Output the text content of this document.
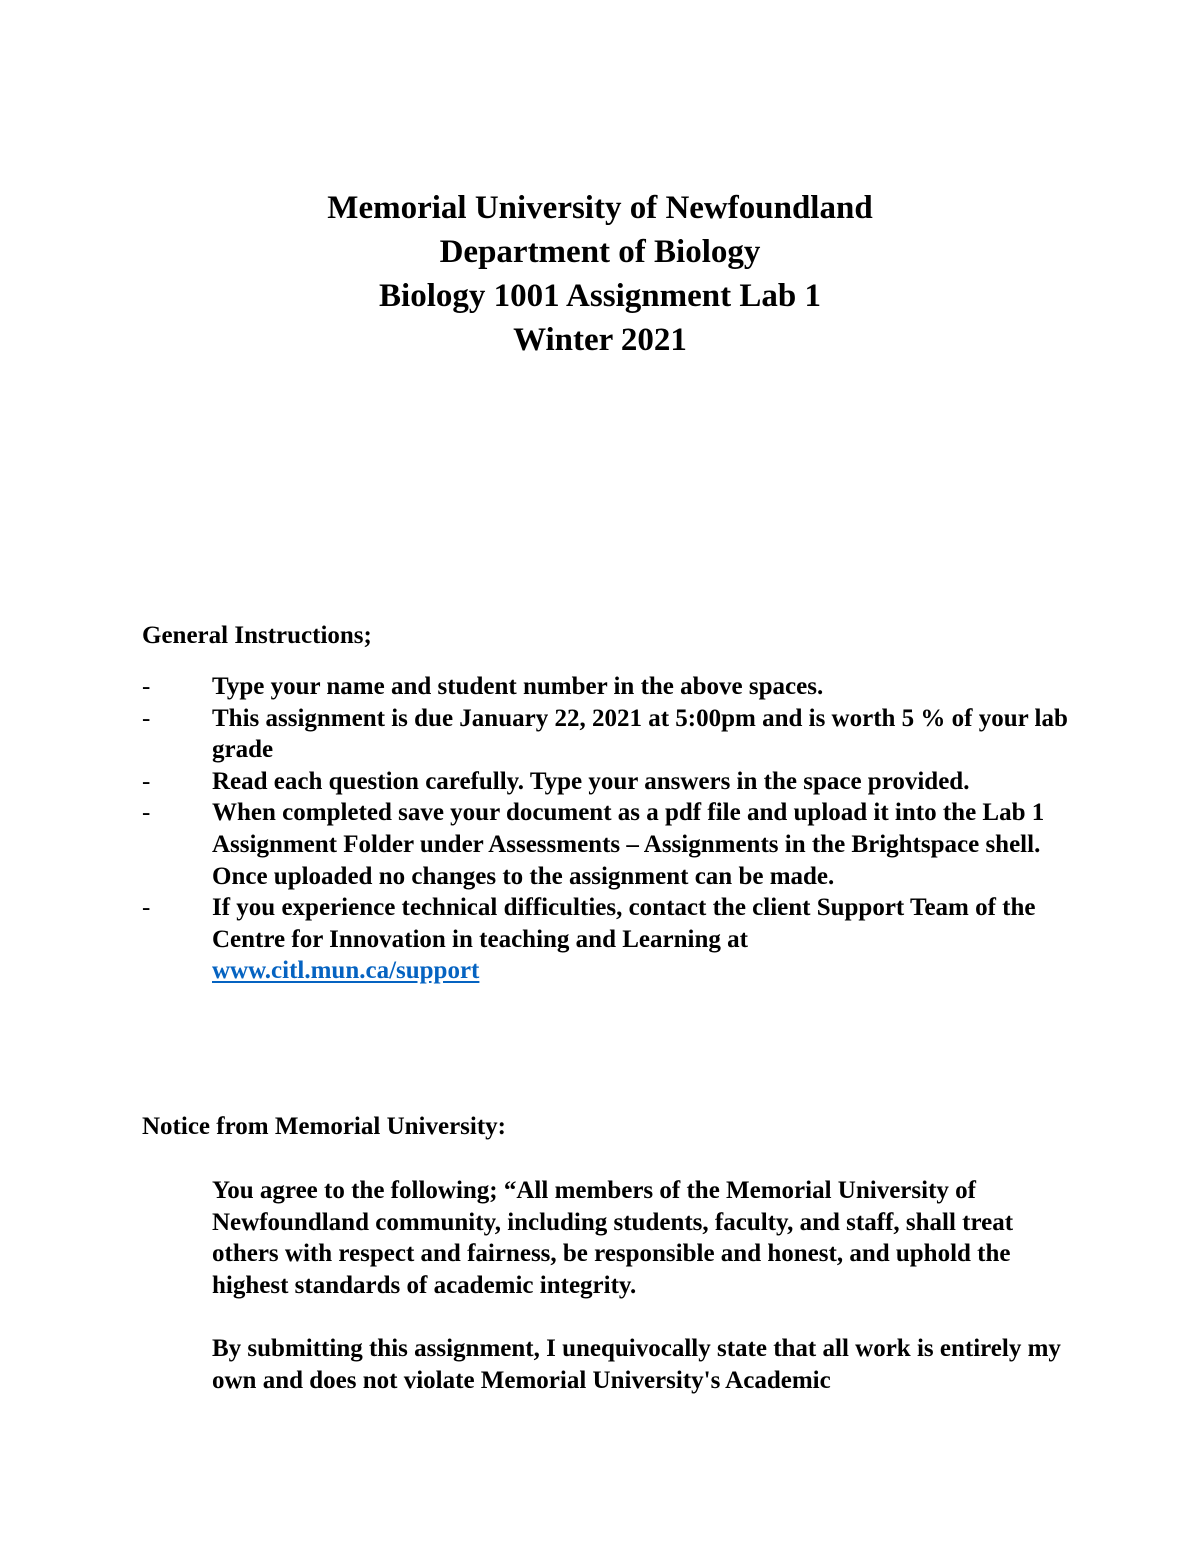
Memorial University of Newfoundland
Department of Biology
Biology 1001 Assignment Lab 1
Winter 2021

General Instructions;

- Type your name and student number in the above spaces.
- This assignment is due January 22, 2021 at 5:00pm and is worth 5 % of your lab grade
- Read each question carefully. Type your answers in the space provided.
- When completed save your document as a pdf file and upload it into the Lab 1 Assignment Folder under Assessments – Assignments in the Brightspace shell. Once uploaded no changes to the assignment can be made.
- If you experience technical difficulties, contact the client Support Team of the Centre for Innovation in teaching and Learning at
www.citl.mun.ca/support

Notice from Memorial University:

You agree to the following; “All members of the Memorial University of Newfoundland community, including students, faculty, and staff, shall treat others with respect and fairness, be responsible and honest, and uphold the highest standards of academic integrity.

By submitting this assignment, I unequivocally state that all work is entirely my own and does not violate Memorial University's Academic
